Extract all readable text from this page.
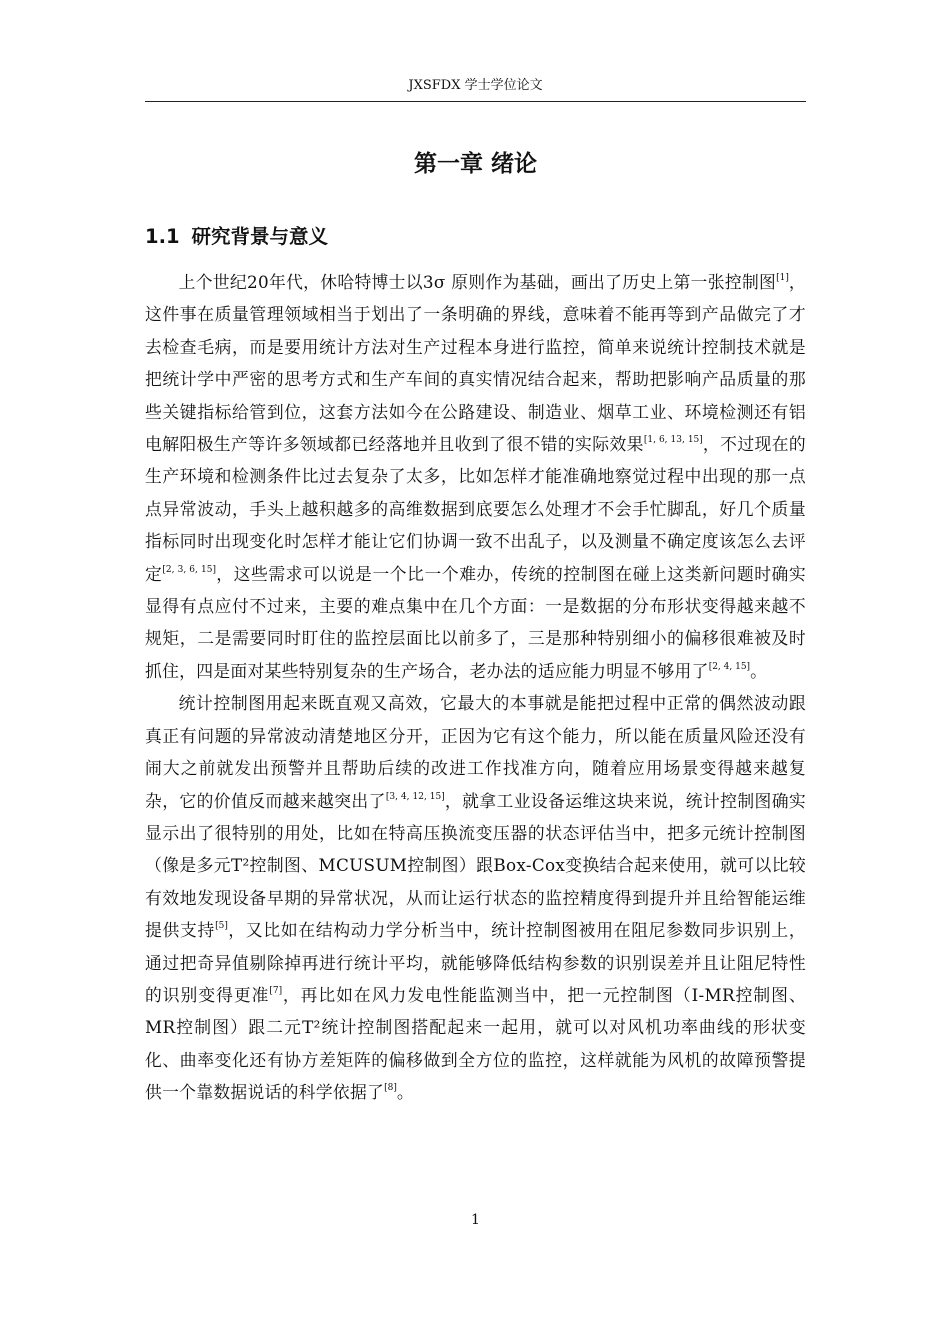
JXSFDX 学士学位论文
第一章 绪论
1.1 研究背景与意义

上个世纪20年代，休哈特博士以3σ 原则作为基础，画出了历史上第一张控制图[1]，这件事在质量管理领域相当于划出了一条明确的界线，意味着不能再等到产品做完了才去检查毛病，而是要用统计方法对生产过程本身进行监控，简单来说统计控制技术就是把统计学中严密的思考方式和生产车间的真实情况结合起来，帮助把影响产品质量的那些关键指标给管到位，这套方法如今在公路建设、制造业、烟草工业、环境检测还有铝电解阳极生产等许多领域都已经落地并且收到了很不错的实际效果[1, 6, 13, 15]，不过现在的生产环境和检测条件比过去复杂了太多，比如怎样才能准确地察觉过程中出现的那一点点异常波动，手头上越积越多的高维数据到底要怎么处理才不会手忙脚乱，好几个质量指标同时出现变化时怎样才能让它们协调一致不出乱子，以及测量不确定度该怎么去评定[2, 3, 6, 15]，这些需求可以说是一个比一个难办，传统的控制图在碰上这类新问题时确实显得有点应付不过来，主要的难点集中在几个方面：一是数据的分布形状变得越来越不规矩，二是需要同时盯住的监控层面比以前多了，三是那种特别细小的偏移很难被及时抓住，四是面对某些特别复杂的生产场合，老办法的适应能力明显不够用了[2, 4, 15]。

统计控制图用起来既直观又高效，它最大的本事就是能把过程中正常的偶然波动跟真正有问题的异常波动清楚地区分开，正因为它有这个能力，所以能在质量风险还没有闹大之前就发出预警并且帮助后续的改进工作找准方向，随着应用场景变得越来越复杂，它的价值反而越来越突出了[3, 4, 12, 15]，就拿工业设备运维这块来说，统计控制图确实显示出了很特别的用处，比如在特高压换流变压器的状态评估当中，把多元统计控制图（像是多元T²控制图、MCUSUM控制图）跟Box-Cox变换结合起来使用，就可以比较有效地发现设备早期的异常状况，从而让运行状态的监控精度得到提升并且给智能运维提供支持[5]，又比如在结构动力学分析当中，统计控制图被用在阻尼参数同步识别上，通过把奇异值剔除掉再进行统计平均，就能够降低结构参数的识别误差并且让阻尼特性的识别变得更准[7]，再比如在风力发电性能监测当中，把一元控制图（I-MR控制图、MR控制图）跟二元T²统计控制图搭配起来一起用，就可以对风机功率曲线的形状变化、曲率变化还有协方差矩阵的偏移做到全方位的监控，这样就能为风机的故障预警提供一个靠数据说话的科学依据了[8]。

1
